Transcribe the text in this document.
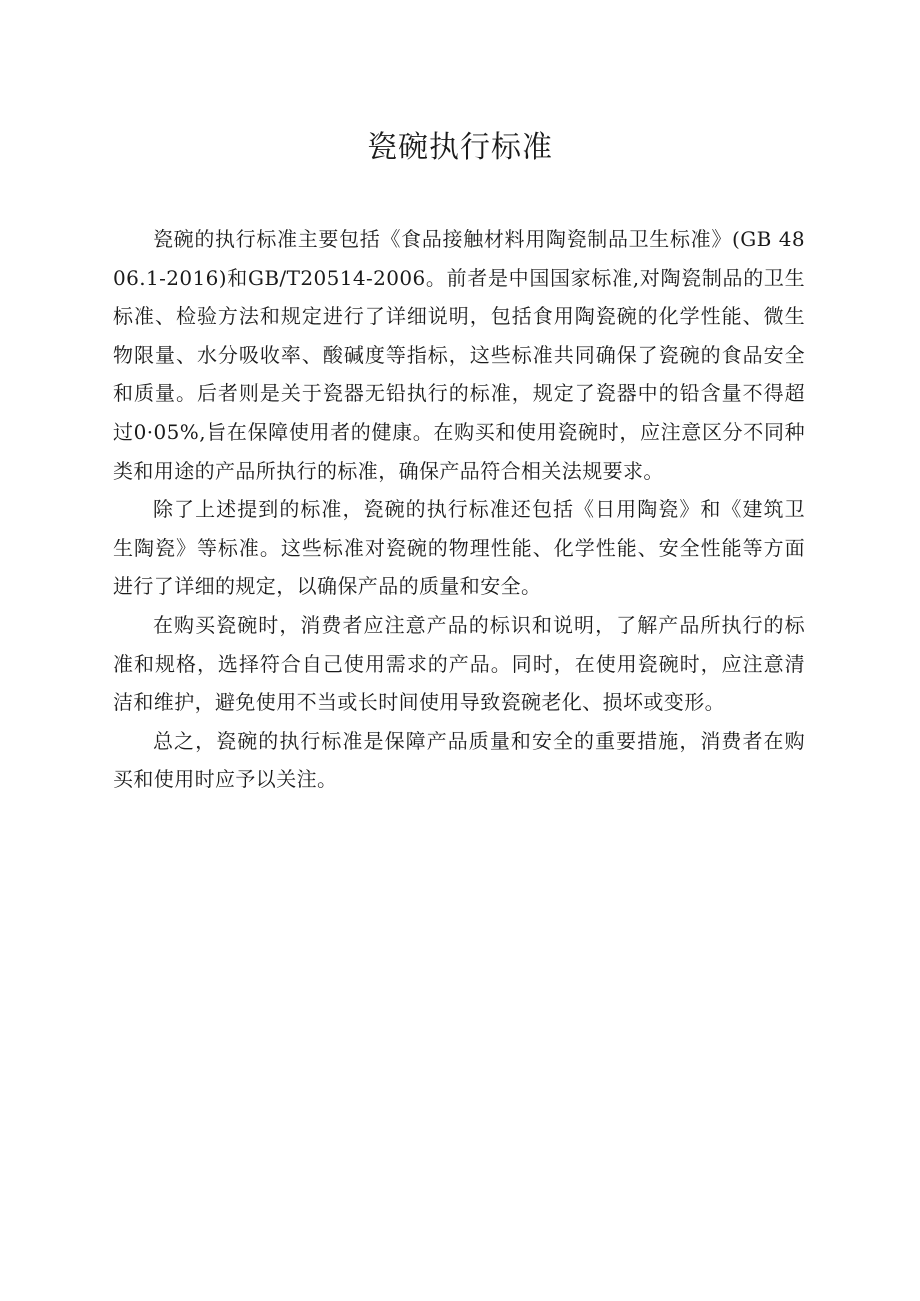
瓷碗执行标准

瓷碗的执行标准主要包括《食品接触材料用陶瓷制品卫生标准》(GB 4806.1-2016)和GB/T20514-2006。前者是中国国家标准,对陶瓷制品的卫生标准、检验方法和规定进行了详细说明，包括食用陶瓷碗的化学性能、微生物限量、水分吸收率、酸碱度等指标，这些标准共同确保了瓷碗的食品安全和质量。后者则是关于瓷器无铅执行的标准，规定了瓷器中的铅含量不得超过0·05%,旨在保障使用者的健康。在购买和使用瓷碗时，应注意区分不同种类和用途的产品所执行的标准，确保产品符合相关法规要求。

除了上述提到的标准，瓷碗的执行标准还包括《日用陶瓷》和《建筑卫生陶瓷》等标准。这些标准对瓷碗的物理性能、化学性能、安全性能等方面进行了详细的规定，以确保产品的质量和安全。

在购买瓷碗时，消费者应注意产品的标识和说明，了解产品所执行的标准和规格，选择符合自己使用需求的产品。同时，在使用瓷碗时，应注意清洁和维护，避免使用不当或长时间使用导致瓷碗老化、损坏或变形。

总之，瓷碗的执行标准是保障产品质量和安全的重要措施，消费者在购买和使用时应予以关注。
